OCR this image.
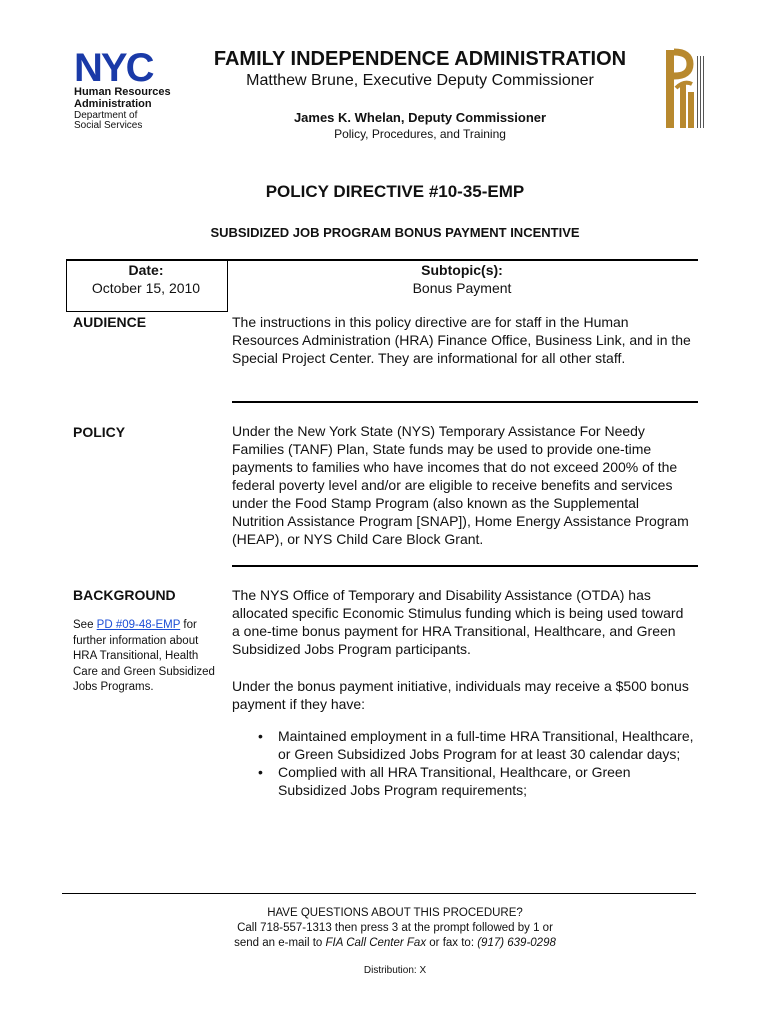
NYC
Human Resources
Administration
Department of
Social Services
FAMILY INDEPENDENCE ADMINISTRATION
Matthew Brune, Executive Deputy Commissioner
James K. Whelan, Deputy Commissioner
Policy, Procedures, and Training
POLICY DIRECTIVE #10-35-EMP
SUBSIDIZED JOB PROGRAM BONUS PAYMENT INCENTIVE
Date:
October 15, 2010
Subtopic(s):
Bonus Payment
AUDIENCE	The instructions in this policy directive are for staff in the Human Resources Administration (HRA) Finance Office, Business Link, and in the Special Project Center. They are informational for all other staff.
POLICY	Under the New York State (NYS) Temporary Assistance For Needy Families (TANF) Plan, State funds may be used to provide one-time payments to families who have incomes that do not exceed 200% of the federal poverty level and/or are eligible to receive benefits and services under the Food Stamp Program (also known as the Supplemental Nutrition Assistance Program [SNAP]), Home Energy Assistance Program (HEAP), or NYS Child Care Block Grant.
BACKGROUND
See PD #09-48-EMP for further information about HRA Transitional, Health Care and Green Subsidized Jobs Programs.
The NYS Office of Temporary and Disability Assistance (OTDA) has allocated specific Economic Stimulus funding which is being used toward a one-time bonus payment for HRA Transitional, Healthcare, and Green Subsidized Jobs Program participants.
Under the bonus payment initiative, individuals may receive a $500 bonus payment if they have:
• Maintained employment in a full-time HRA Transitional, Healthcare, or Green Subsidized Jobs Program for at least 30 calendar days;
• Complied with all HRA Transitional, Healthcare, or Green Subsidized Jobs Program requirements;
HAVE QUESTIONS ABOUT THIS PROCEDURE?
Call 718-557-1313 then press 3 at the prompt followed by 1 or
send an e-mail to FIA Call Center Fax or fax to: (917) 639-0298
Distribution: X
